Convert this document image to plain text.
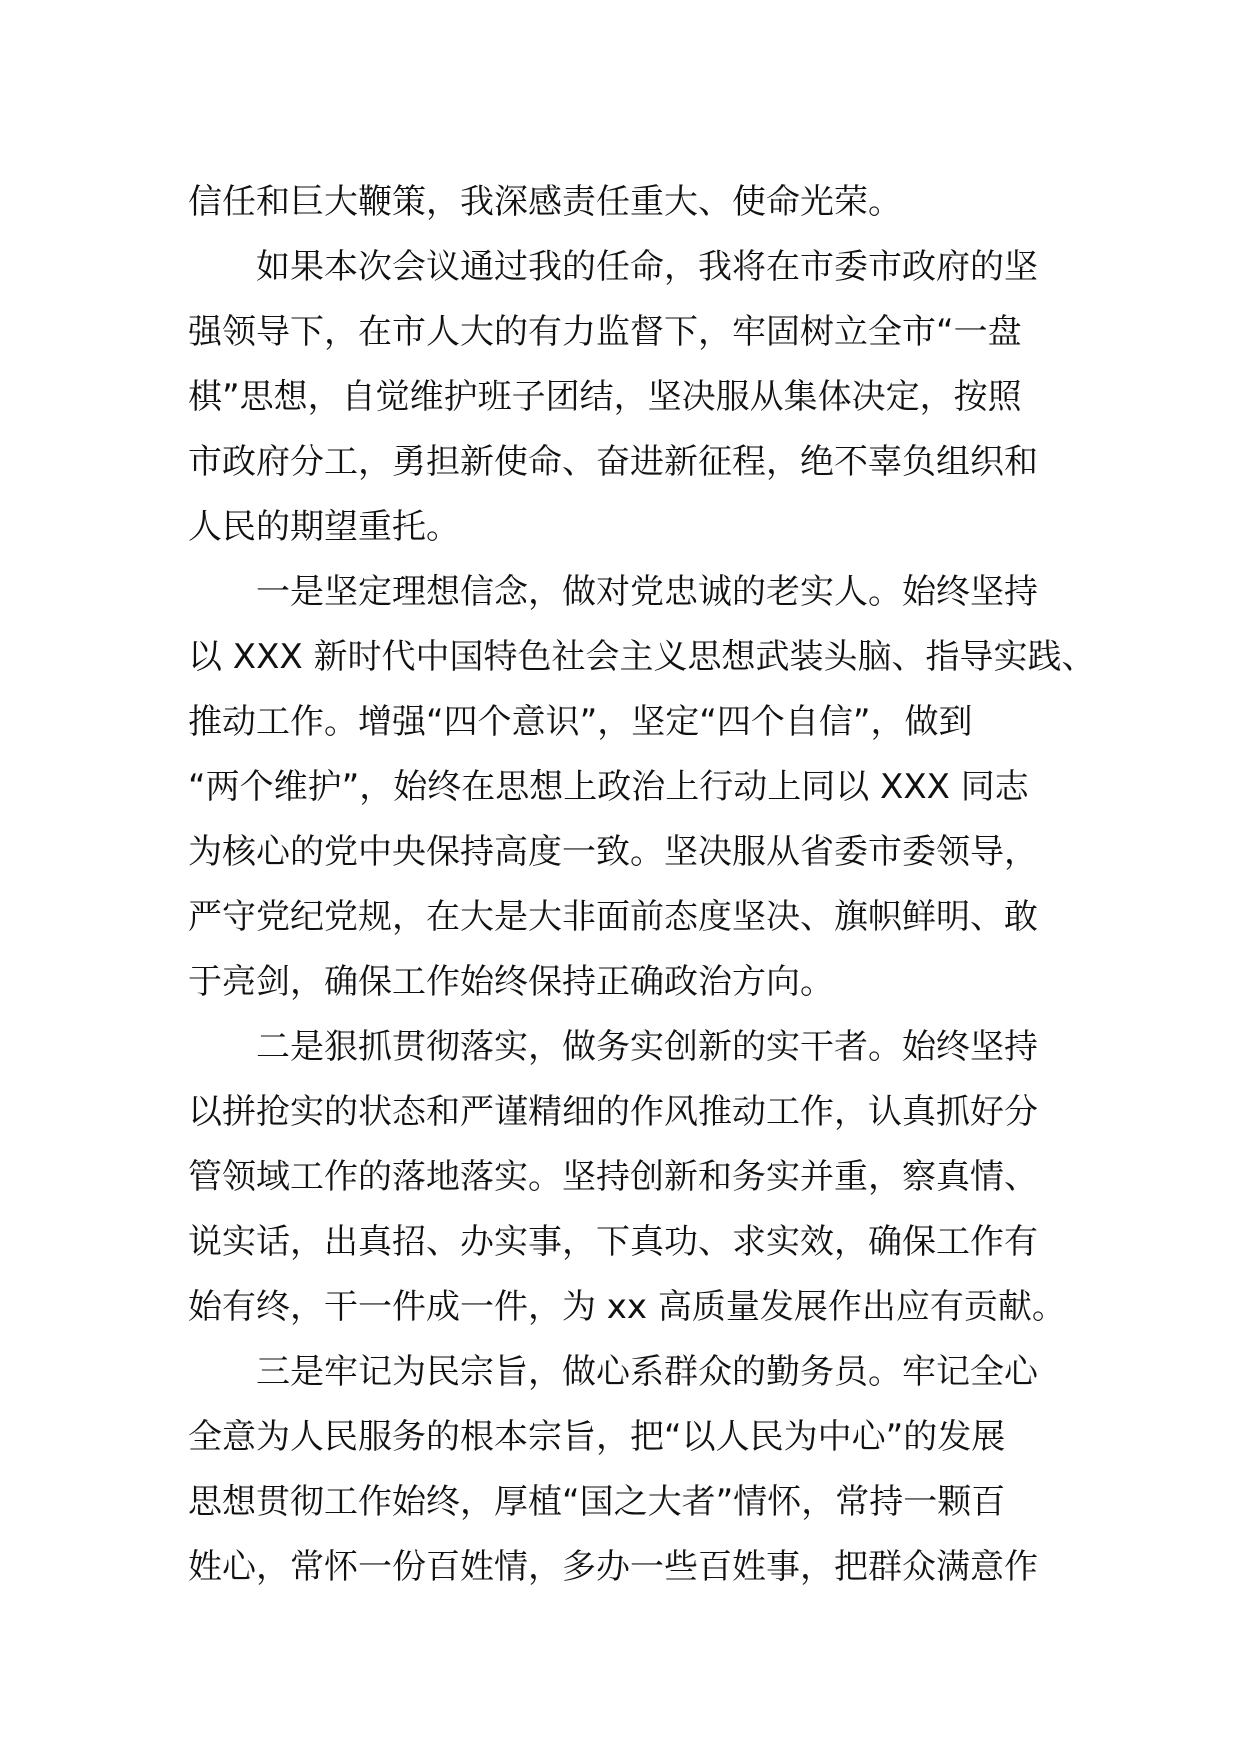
信任和巨大鞭策，我深感责任重大、使命光荣。
如果本次会议通过我的任命，我将在市委市政府的坚
强领导下，在市人大的有力监督下，牢固树立全市“一盘
棋”思想，自觉维护班子团结，坚决服从集体决定，按照
市政府分工，勇担新使命、奋进新征程，绝不辜负组织和
人民的期望重托。
一是坚定理想信念，做对党忠诚的老实人。始终坚持
以 XXX 新时代中国特色社会主义思想武装头脑、指导实践、
推动工作。增强“四个意识”，坚定“四个自信”，做到
“两个维护”，始终在思想上政治上行动上同以 XXX 同志
为核心的党中央保持高度一致。坚决服从省委市委领导，
严守党纪党规，在大是大非面前态度坚决、旗帜鲜明、敢
于亮剑，确保工作始终保持正确政治方向。
二是狠抓贯彻落实，做务实创新的实干者。始终坚持
以拼抢实的状态和严谨精细的作风推动工作，认真抓好分
管领域工作的落地落实。坚持创新和务实并重，察真情、
说实话，出真招、办实事，下真功、求实效，确保工作有
始有终，干一件成一件，为 xx 高质量发展作出应有贡献。
三是牢记为民宗旨，做心系群众的勤务员。牢记全心
全意为人民服务的根本宗旨，把“以人民为中心”的发展
思想贯彻工作始终，厚植“国之大者”情怀，常持一颗百
姓心，常怀一份百姓情，多办一些百姓事，把群众满意作
